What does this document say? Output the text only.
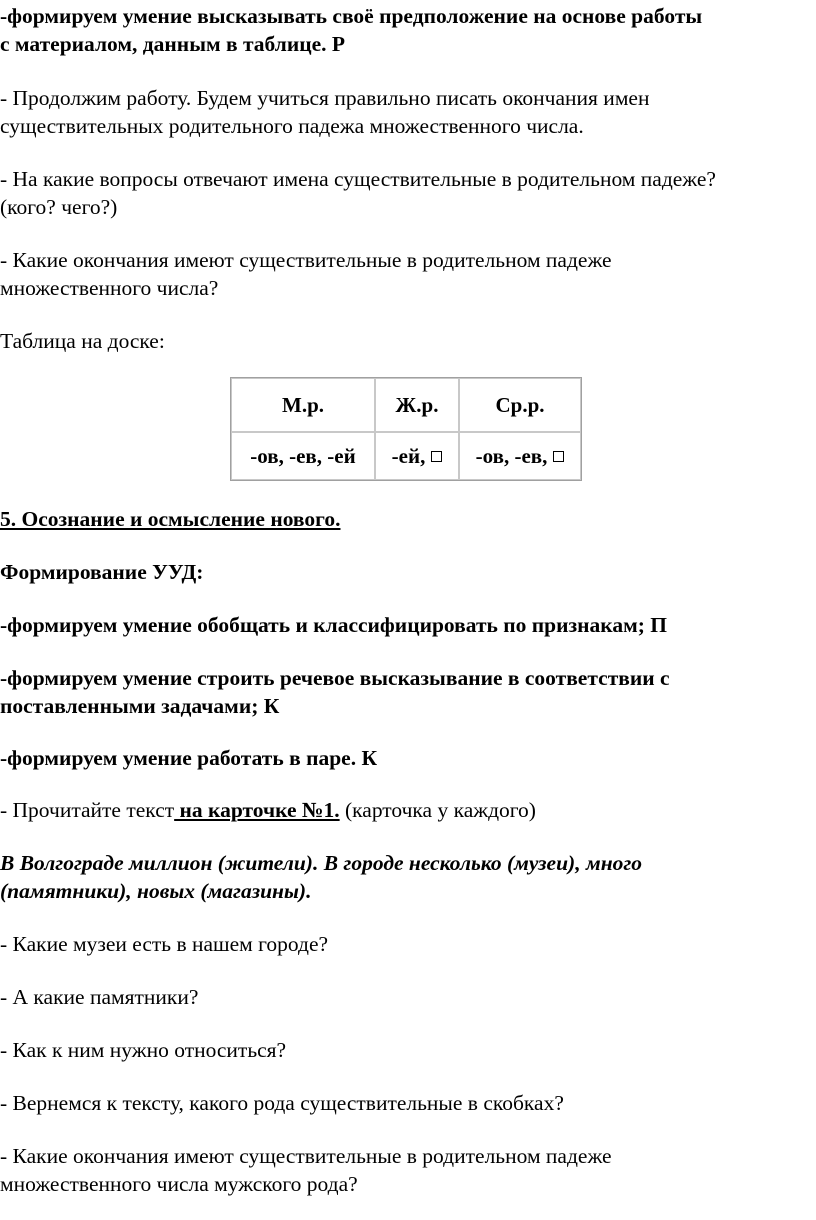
-формируем умение высказывать своё предположение на основе работы

с материалом, данным в таблице. Р

- Продолжим работу. Будем учиться правильно писать окончания имен

существительных родительного падежа множественного числа.

- На какие вопросы отвечают имена существительные в родительном падеже?

(кого? чего?)

- Какие окончания имеют существительные в родительном падеже

множественного числа?

Таблица на доске:

М.р.	Ж.р.	Ср.р.
-ов, -ев, -ей	-ей,	-ов, -ев,

5. Осознание и осмысление нового.

Формирование УУД:

-формируем умение обобщать и классифицировать по признакам; П

-формируем умение строить речевое высказывание в соответствии с

поставленными задачами; К

-формируем умение работать в паре. К

- Прочитайте текст на карточке №1. (карточка у каждого)

В Волгограде миллион (жители). В городе несколько (музеи), много

(памятники), новых (магазины).

- Какие музеи есть в нашем городе?

- А какие памятники?

- Как к ним нужно относиться?

- Вернемся к тексту, какого рода существительные в скобках?

- Какие окончания имеют существительные в родительном падеже

множественного числа мужского рода?
